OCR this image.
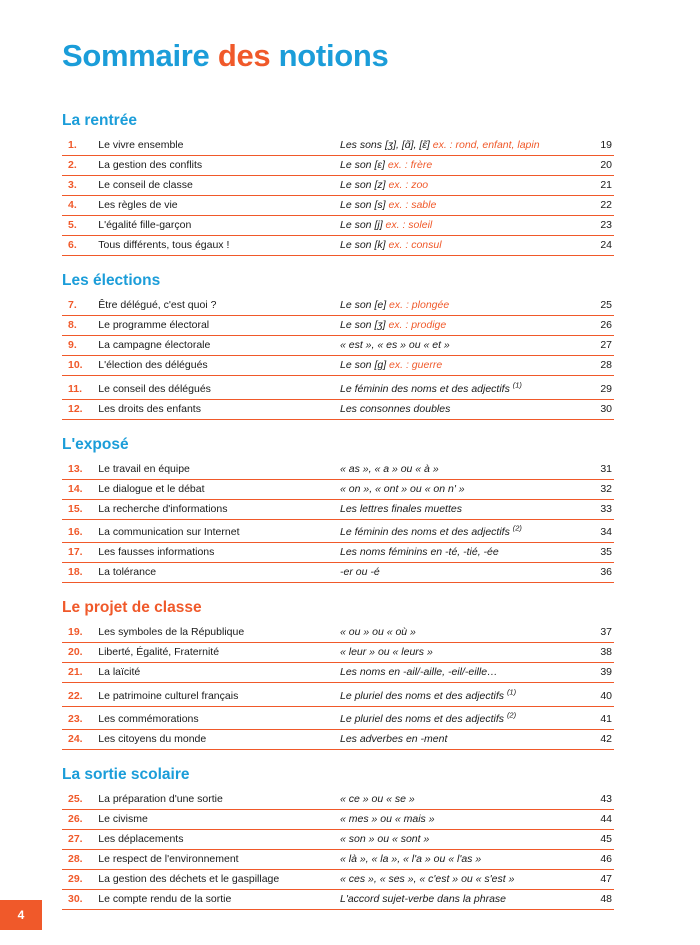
Sommaire des notions
La rentrée
1.	Le vivre ensemble	Les sons [ʒ], [ɑ̃], [ɛ̃] ex. : rond, enfant, lapin	19
2.	La gestion des conflits	Le son [ɛ] ex. : frère	20
3.	Le conseil de classe	Le son [z] ex. : zoo	21
4.	Les règles de vie	Le son [s] ex. : sable	22
5.	L'égalité fille-garçon	Le son [j] ex. : soleil	23
6.	Tous différents, tous égaux !	Le son [k] ex. : consul	24
Les élections
7.	Être délégué, c'est quoi ?	Le son [e] ex. : plongée	25
8.	Le programme électoral	Le son [ʒ] ex. : prodige	26
9.	La campagne électorale	« est », « es » ou « et »	27
10.	L'élection des délégués	Le son [g] ex. : guerre	28
11.	Le conseil des délégués	Le féminin des noms et des adjectifs $^{(1)}$	29
12.	Les droits des enfants	Les consonnes doubles	30
L'exposé
13.	Le travail en équipe	« as », « a » ou « à »	31
14.	Le dialogue et le débat	« on », « ont » ou « on n' »	32
15.	La recherche d'informations	Les lettres finales muettes	33
16.	La communication sur Internet	Le féminin des noms et des adjectifs $^{(2)}$	34
17.	Les fausses informations	Les noms féminins en -té, -tié, -ée	35
18.	La tolérance	-er ou -é	36
Le projet de classe
19.	Les symboles de la République	« ou » ou « où »	37
20.	Liberté, Égalité, Fraternité	« leur » ou « leurs »	38
21.	La laïcité	Les noms en -ail/-aille, -eil/-eille…	39
22.	Le patrimoine culturel français	Le pluriel des noms et des adjectifs $^{(1)}$	40
23.	Les commémorations	Le pluriel des noms et des adjectifs $^{(2)}$	41
24.	Les citoyens du monde	Les adverbes en -ment	42
La sortie scolaire
25.	La préparation d'une sortie	« ce » ou « se »	43
26.	Le civisme	« mes » ou « mais »	44
27.	Les déplacements	« son » ou « sont »	45
28.	Le respect de l'environnement	« là », « la », « l'a » ou « l'as »	46
29.	La gestion des déchets et le gaspillage	« ces », « ses », « c'est » ou « s'est »	47
30.	Le compte rendu de la sortie	L'accord sujet-verbe dans la phrase	48
4
